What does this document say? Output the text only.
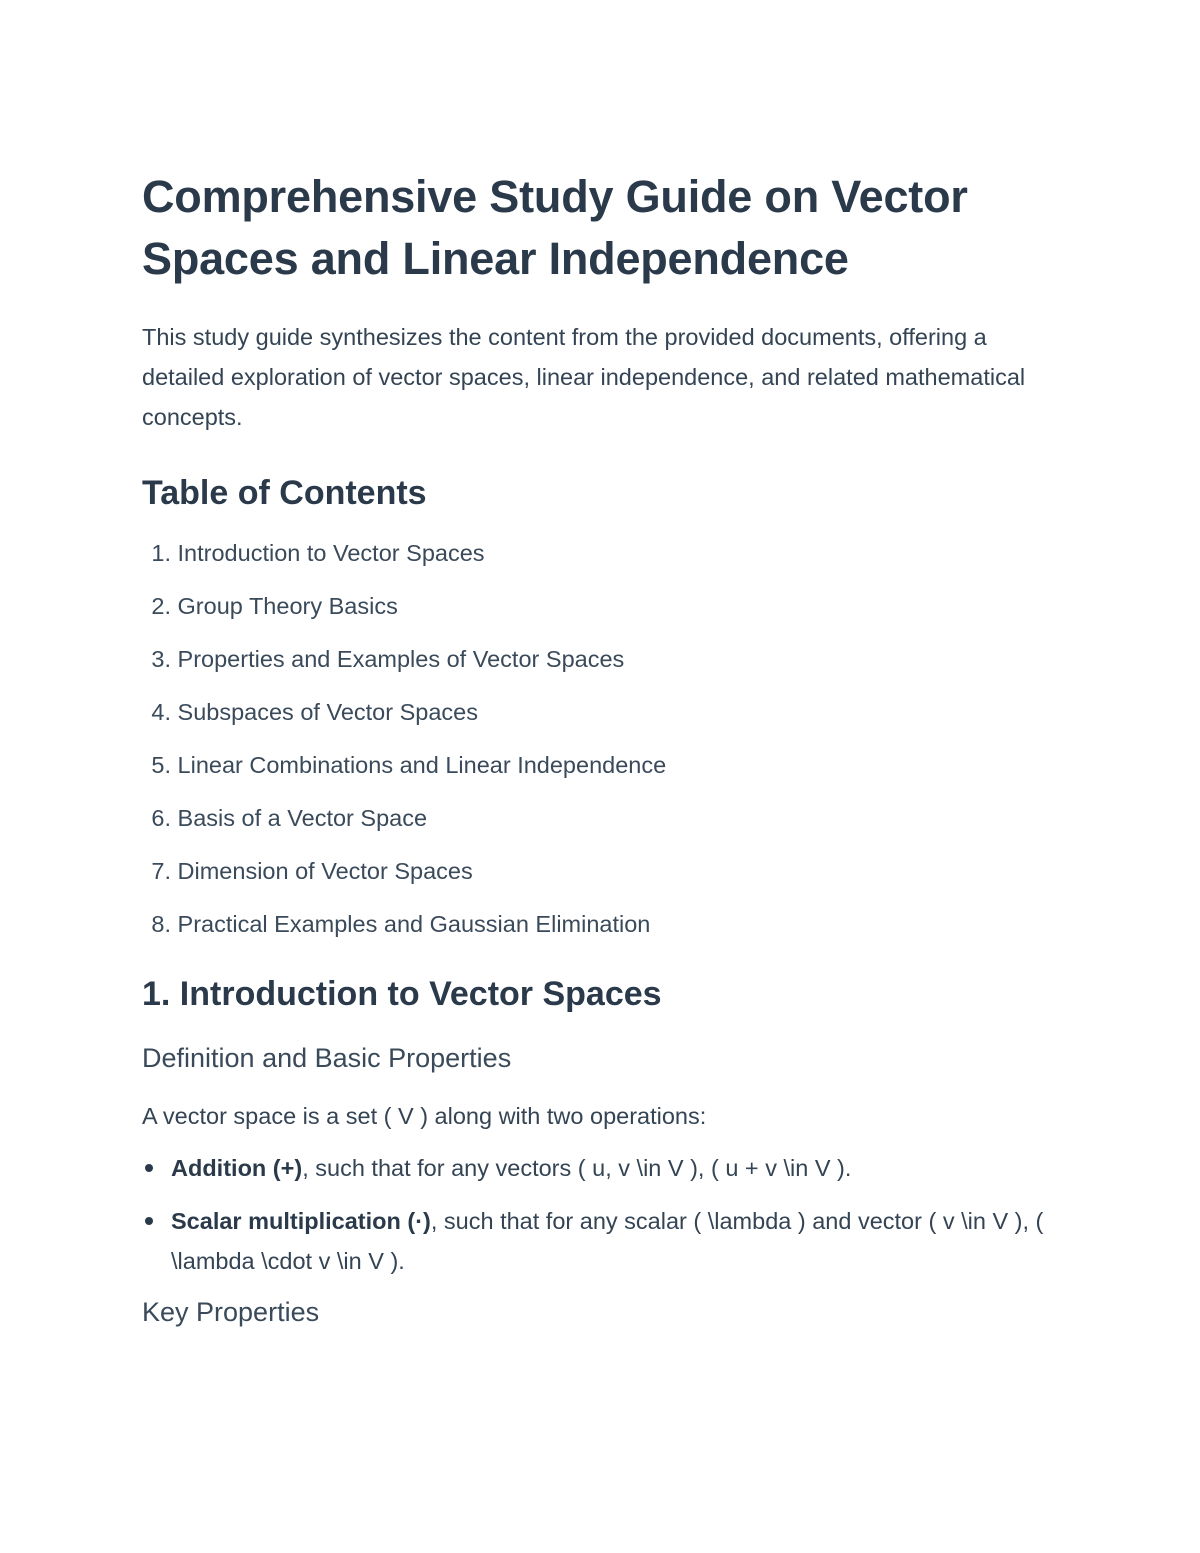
Comprehensive Study Guide on Vector Spaces and Linear Independence

This study guide synthesizes the content from the provided documents, offering a detailed exploration of vector spaces, linear independence, and related mathematical concepts.

Table of Contents
1.
Introduction to Vector Spaces
2.
Group Theory Basics
3.
Properties and Examples of Vector Spaces
4.
Subspaces of Vector Spaces
5.
Linear Combinations and Linear Independence
6.
Basis of a Vector Space
7.
Dimension of Vector Spaces
8.
Practical Examples and Gaussian Elimination
1. Introduction to Vector Spaces
Definition and Basic Properties

A vector space is a set ( V ) along with two operations:

Addition (+), such that for any vectors ( u, v \in V ), ( u + v \in V ).
Scalar multiplication (·), such that for any scalar ( \lambda ) and vector ( v \in V ), ( \lambda \cdot v \in V ).
Key Properties
